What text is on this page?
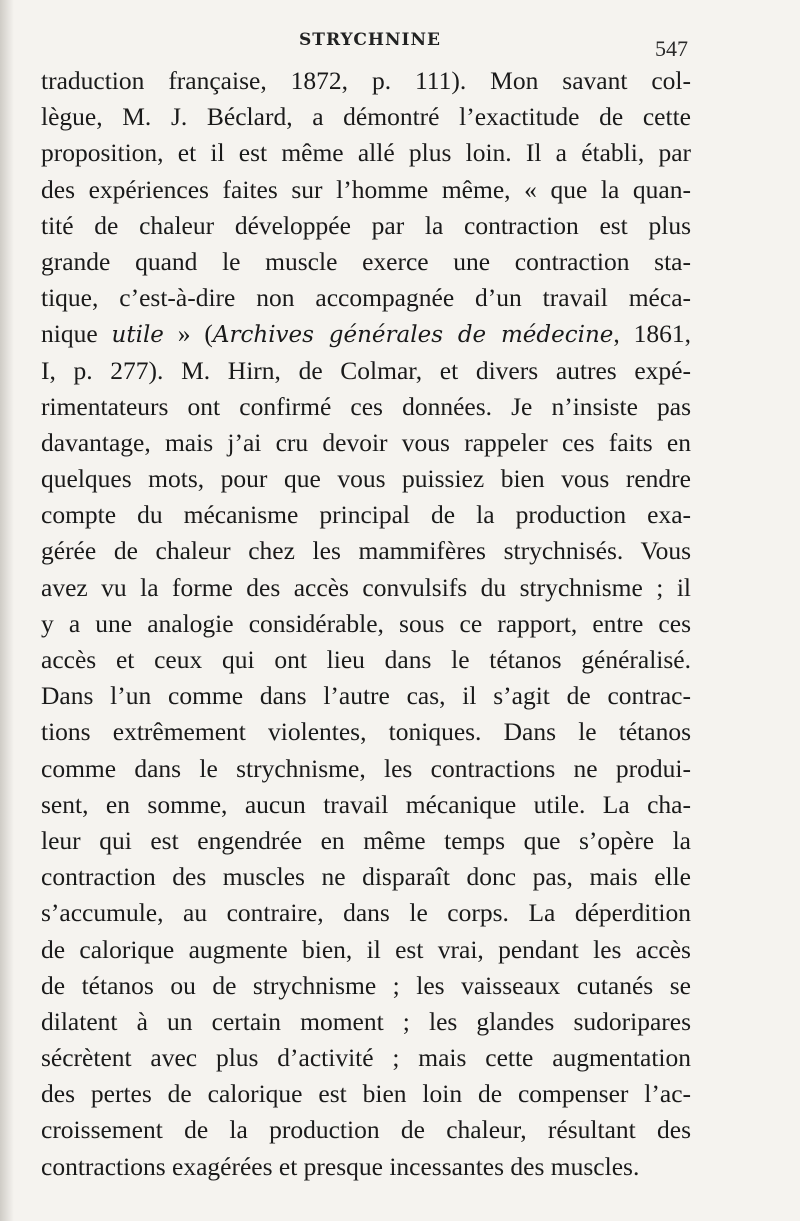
STRYCHNINE	547
traduction française, 1872, p. 111). Mon savant col-
lègue, M. J. Béclard, a démontré l’exactitude de cette
proposition, et il est même allé plus loin. Il a établi, par
des expériences faites sur l’homme même, « que la quan-
tité de chaleur développée par la contraction est plus
grande quand le muscle exerce une contraction sta-
tique, c’est-à-dire non accompagnée d’un travail méca-
nique utile » (Archives générales de médecine, 1861,
I, p. 277). M. Hirn, de Colmar, et divers autres expé-
rimentateurs ont confirmé ces données. Je n’insiste pas
davantage, mais j’ai cru devoir vous rappeler ces faits en
quelques mots, pour que vous puissiez bien vous rendre
compte du mécanisme principal de la production exa-
gérée de chaleur chez les mammifères strychnisés. Vous
avez vu la forme des accès convulsifs du strychnisme ; il
y a une analogie considérable, sous ce rapport, entre ces
accès et ceux qui ont lieu dans le tétanos généralisé.
Dans l’un comme dans l’autre cas, il s’agit de contrac-
tions extrêmement violentes, toniques. Dans le tétanos
comme dans le strychnisme, les contractions ne produi-
sent, en somme, aucun travail mécanique utile. La cha-
leur qui est engendrée en même temps que s’opère la
contraction des muscles ne disparaît donc pas, mais elle
s’accumule, au contraire, dans le corps. La déperdition
de calorique augmente bien, il est vrai, pendant les accès
de tétanos ou de strychnisme ; les vaisseaux cutanés se
dilatent à un certain moment ; les glandes sudoripares
sécrètent avec plus d’activité ; mais cette augmentation
des pertes de calorique est bien loin de compenser l’ac-
croissement de la production de chaleur, résultant des
contractions exagérées et presque incessantes des muscles.
